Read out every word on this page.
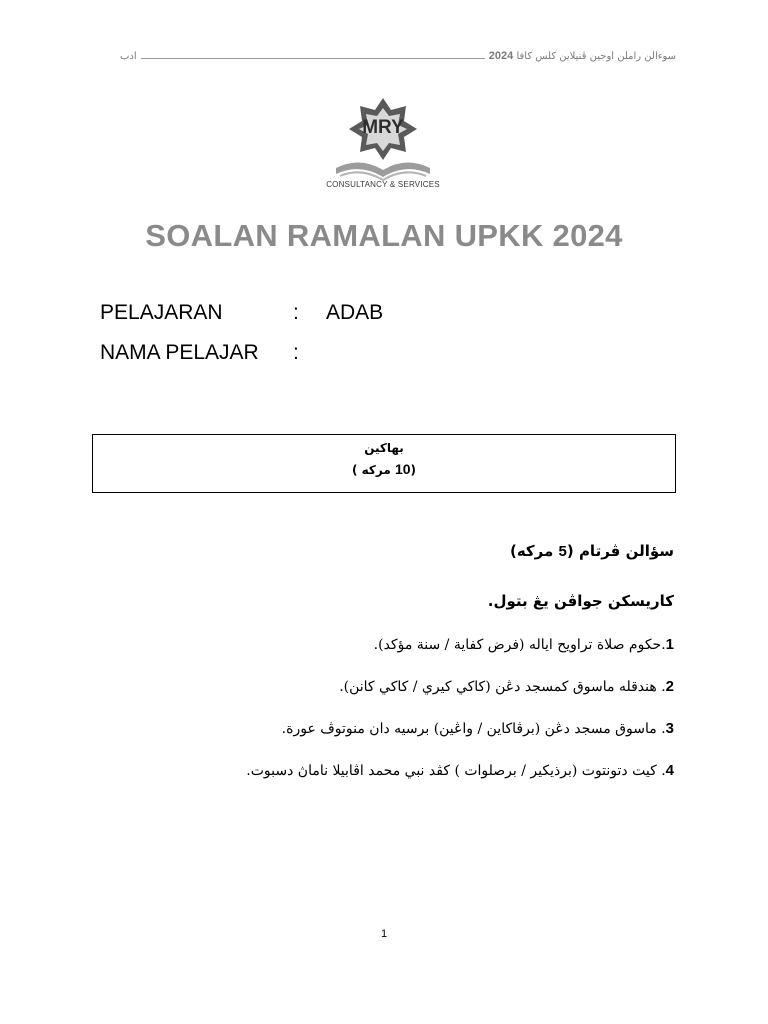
سوءالن راملن اوجين ڤنيلاين كلس كافا 2024
ادب
MRY
CONSULTANCY & SERVICES
SOALAN RAMALAN UPKK 2024
PELAJARAN	: ADAB
NAMA PELAJAR :
بهاكين
(10 مركه )
سؤالن ڤرتام (5 مركه)
كاريسكن جواڤن يڠ بتول.
1.حكوم صلاة تراويح اياله (فرض كفاية / سنة مؤكد).
2. هندقله ماسوق كمسجد دڠن (كاكي كيري / كاكي كانن).
3. ماسوق مسجد دڠن (برڤاكاين / واڠين) برسيه دان منوتوڤ عورة.
4. كيت دتونتوت (برذيكير / برصلوات ) كڤد نبي محمد اڤابيلا ناماڽ دسبوت.
1
